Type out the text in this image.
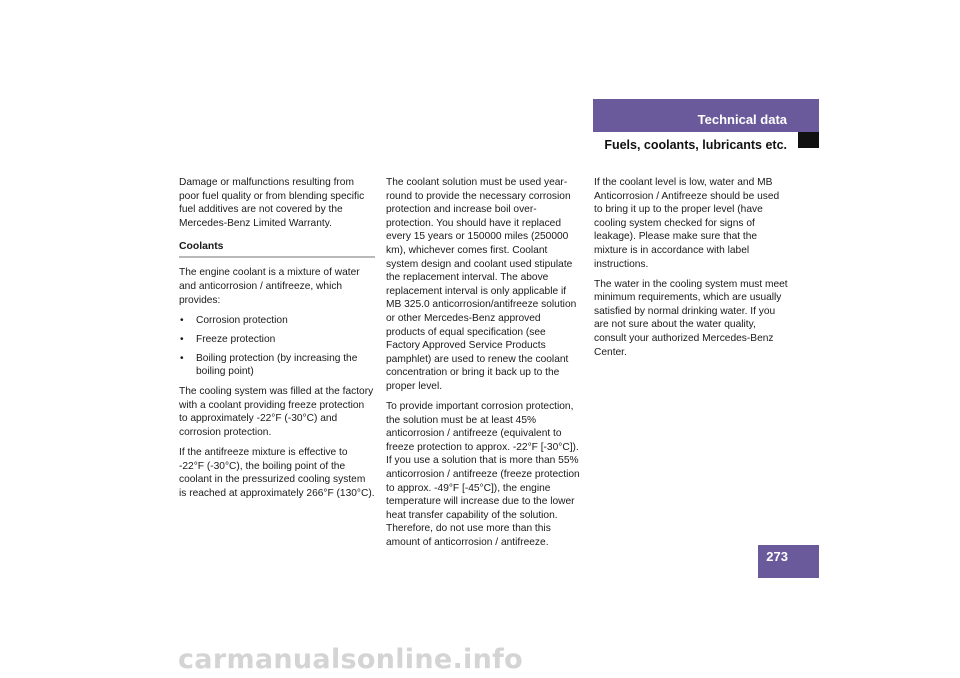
Technical data
Fuels, coolants, lubricants etc.

Damage or malfunctions resulting from poor fuel quality or from blending specific fuel additives are not covered by the Mercedes-Benz Limited Warranty.

Coolants

The engine coolant is a mixture of water and anticorrosion / antifreeze, which provides:

• Corrosion protection
• Freeze protection
• Boiling protection (by increasing the boiling point)

The cooling system was filled at the factory with a coolant providing freeze protection to approximately -22°F (-30°C) and corrosion protection.

If the antifreeze mixture is effective to -22°F (-30°C), the boiling point of the coolant in the pressurized cooling system is reached at approximately 266°F (130°C).

The coolant solution must be used year-round to provide the necessary corrosion protection and increase boil over-protection. You should have it replaced every 15 years or 150000 miles (250000 km), whichever comes first. Coolant system design and coolant used stipulate the replacement interval. The above replacement interval is only applicable if MB 325.0 anticorrosion/antifreeze solution or other Mercedes-Benz approved products of equal specification (see Factory Approved Service Products pamphlet) are used to renew the coolant concentration or bring it back up to the proper level.

To provide important corrosion protection, the solution must be at least 45% anticorrosion / antifreeze (equivalent to freeze protection to approx. -22°F [-30°C]). If you use a solution that is more than 55% anticorrosion / antifreeze (freeze protection to approx. -49°F [-45°C]), the engine temperature will increase due to the lower heat transfer capability of the solution. Therefore, do not use more than this amount of anticorrosion / antifreeze.

If the coolant level is low, water and MB Anticorrosion / Antifreeze should be used to bring it up to the proper level (have cooling system checked for signs of leakage). Please make sure that the mixture is in accordance with label instructions.

The water in the cooling system must meet minimum requirements, which are usually satisfied by normal drinking water. If you are not sure about the water quality, consult your authorized Mercedes-Benz Center.

273
carmanualsonline.info
